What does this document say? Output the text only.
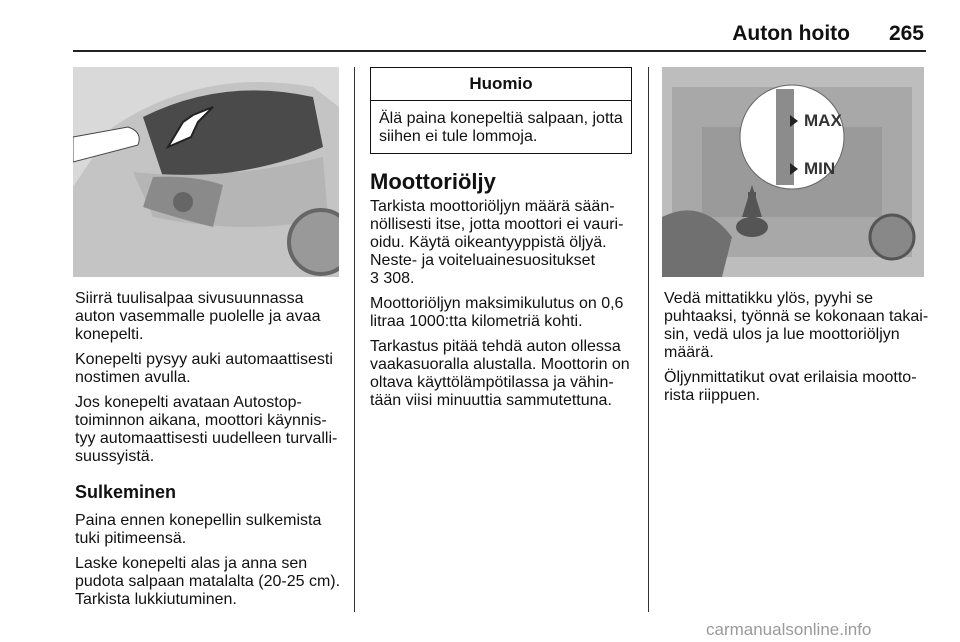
Auton hoito 265

Siirrä tuulisalpaa sivusuunnassa auton vasemmalle puolelle ja avaa konepelti.

Konepelti pysyy auki automaattisesti nostimen avulla.

Jos konepelti avataan Autostop-toiminnon aikana, moottori käynnis-tyy automaattisesti uudelleen turvalli-suussyistä.

Sulkeminen

Paina ennen konepellin sulkemista tuki pitimeensä.

Laske konepelti alas ja anna sen pudota salpaan matalalta (20-25 cm). Tarkista lukkiutuminen.

Huomio
Älä paina konepeltiä salpaan, jotta siihen ei tule lommoja.
Moottoriöljy

Tarkista moottoriöljyn määrä sään-nöllisesti itse, jotta moottori ei vauri-oidu. Käytä oikeantyyppistä öljyä.

Neste- ja voiteluainesuositukset

3 308.

Moottoriöljyn maksimikulutus on 0,6 litraa 1000:tta kilometriä kohti.

Tarkastus pitää tehdä auton ollessa vaakasuoralla alustalla. Moottorin on oltava käyttölämpötilassa ja vähin-tään viisi minuuttia sammutettuna.

MAX
MIN

Vedä mittatikku ylös, pyyhi se puhtaaksi, työnnä se kokonaan takai-sin, vedä ulos ja lue moottoriöljyn määrä.

Öljynmittatikut ovat erilaisia mootto-rista riippuen.

carmanualsonline.info
